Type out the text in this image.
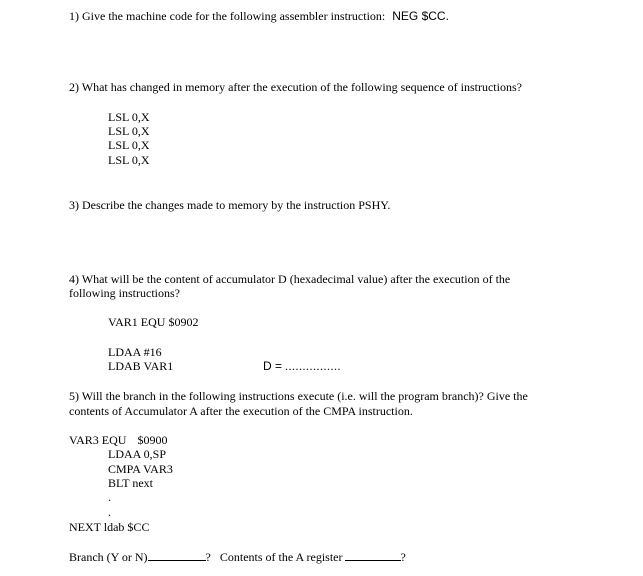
1) Give the machine code for the following assembler instruction: NEG $CC.
2) What has changed in memory after the execution of the following sequence of instructions?
LSL 0,X
LSL 0,X
LSL 0,X
LSL 0,X
3) Describe the changes made to memory by the instruction PSHY.
4) What will be the content of accumulator D (hexadecimal value) after the execution of the
following instructions?
VAR1 EQU $0902
LDAA #16
LDAB VAR1	D = ................
5) Will the branch in the following instructions execute (i.e. will the program branch)? Give the
contents of Accumulator A after the execution of the CMPA instruction.
VAR3 EQU $0900
LDAA 0,SP
CMPA VAR3
BLT next
.
.
NEXT ldab $CC
Branch (Y or N)	? Contents of the A register	?
